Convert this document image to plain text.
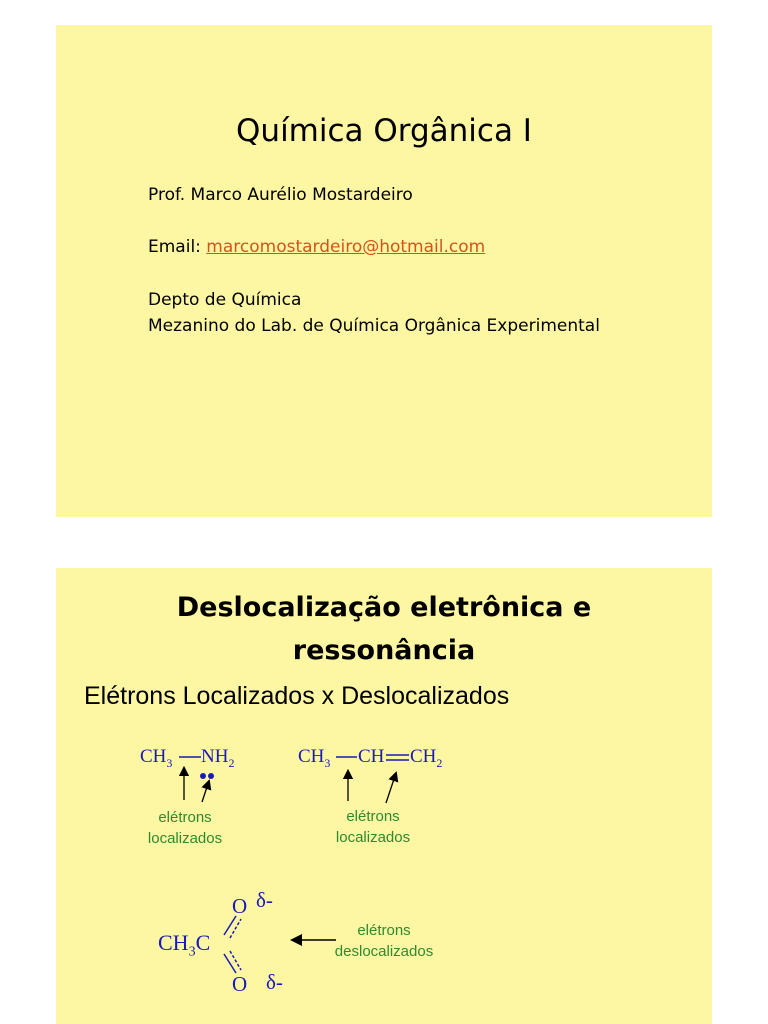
Química Orgânica I
Prof. Marco Aurélio Mostardeiro
Email: marcomostardeiro@hotmail.com
Depto de Química
Mezanino do Lab. de Química Orgânica Experimental
Deslocalização eletrônica e
ressonância
Elétrons Localizados x Deslocalizados
$CH_3$ $NH_2$	$CH_3$ CH $CH_2$
elétrons
localizados
elétrons
localizados
$CH_3C$
O
O
δ-
δ-
elétrons
deslocalizados
